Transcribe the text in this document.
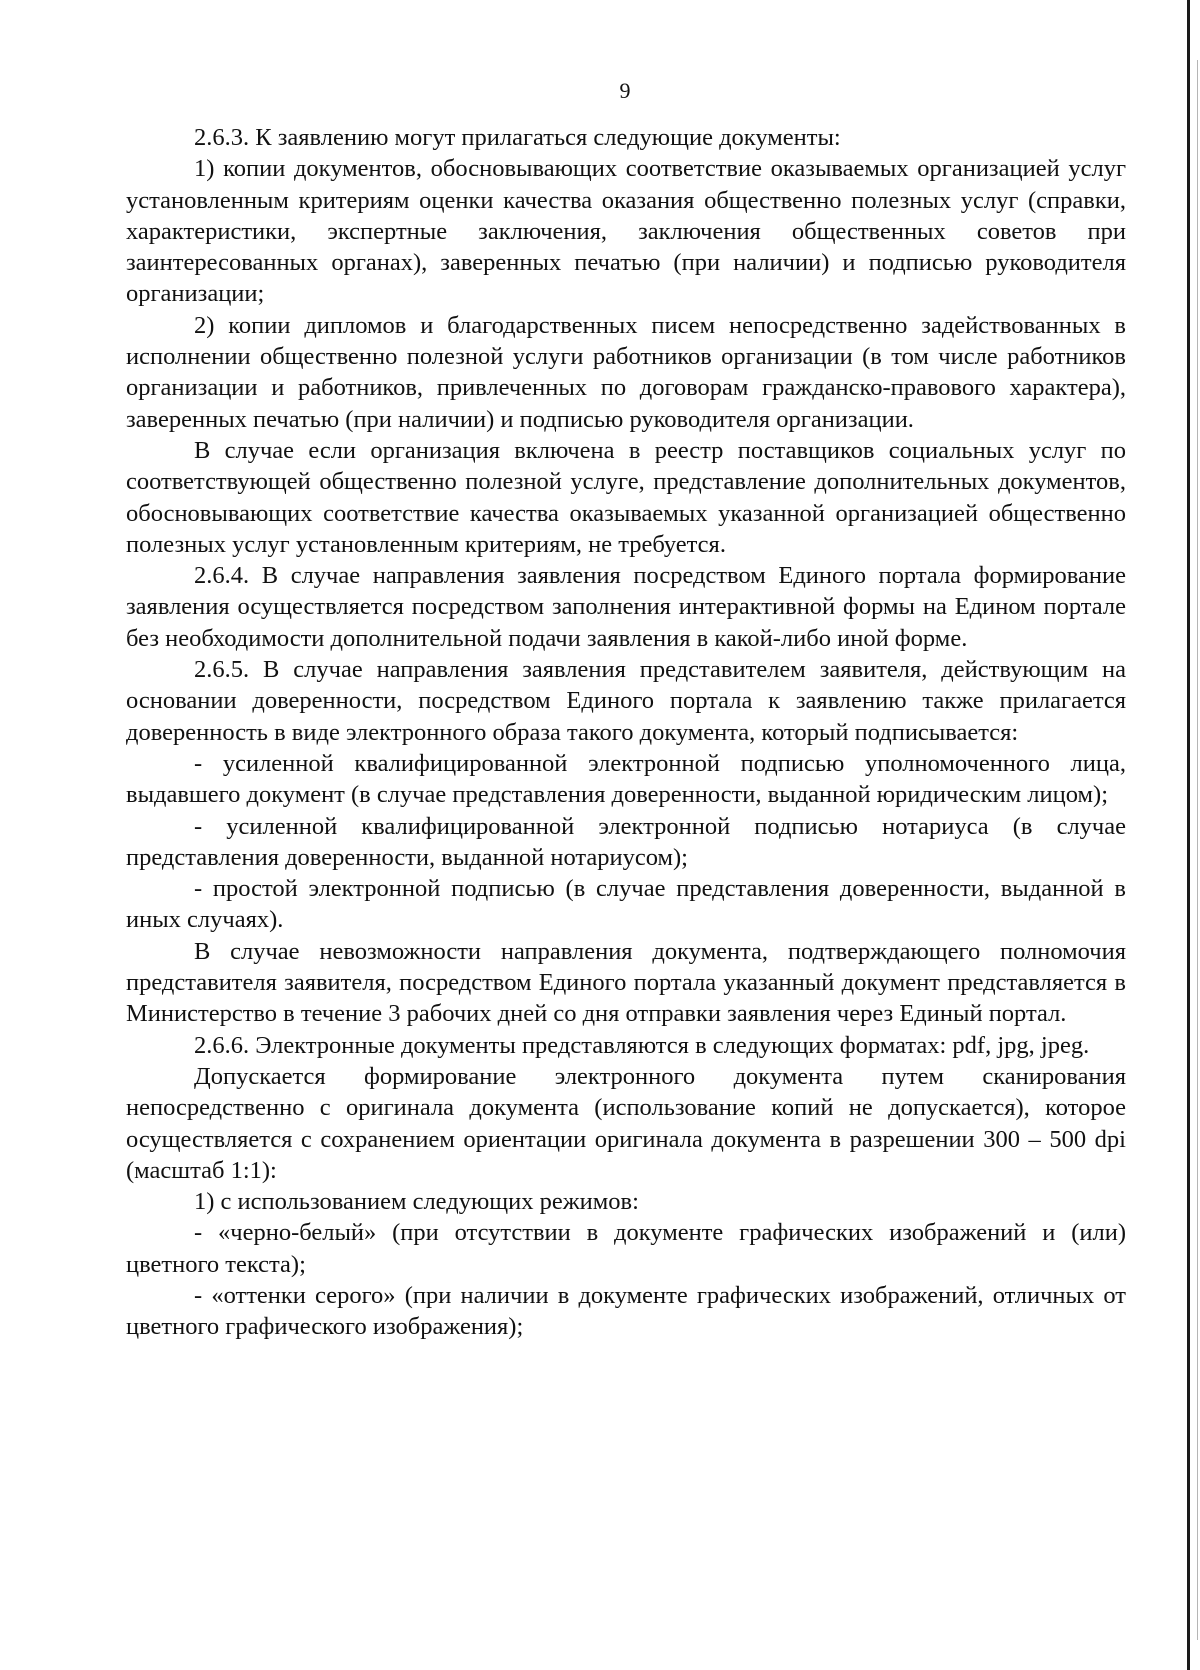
9

2.6.3. К заявлению могут прилагаться следующие документы:

1) копии документов, обосновывающих соответствие оказываемых организацией услуг установленным критериям оценки качества оказания общественно полезных услуг (справки, характеристики, экспертные заключения, заключения общественных советов при заинтересованных органах), заверенных печатью (при наличии) и подписью руководителя организации;

2) копии дипломов и благодарственных писем непосредственно задействованных в исполнении общественно полезной услуги работников организации (в том числе работников организации и работников, привлеченных по договорам гражданско-правового характера), заверенных печатью (при наличии) и подписью руководителя организации.

В случае если организация включена в реестр поставщиков социальных услуг по соответствующей общественно полезной услуге, представление дополнительных документов, обосновывающих соответствие качества оказываемых указанной организацией общественно полезных услуг установленным критериям, не требуется.

2.6.4. В случае направления заявления посредством Единого портала формирование заявления осуществляется посредством заполнения интерактивной формы на Едином портале без необходимости дополнительной подачи заявления в какой-либо иной форме.

2.6.5. В случае направления заявления представителем заявителя, действующим на основании доверенности, посредством Единого портала к заявлению также прилагается доверенность в виде электронного образа такого документа, который подписывается:

- усиленной квалифицированной электронной подписью уполномоченного лица, выдавшего документ (в случае представления доверенности, выданной юридическим лицом);

- усиленной квалифицированной электронной подписью нотариуса (в случае представления доверенности, выданной нотариусом);

- простой электронной подписью (в случае представления доверенности, выданной в иных случаях).

В случае невозможности направления документа, подтверждающего полномочия представителя заявителя, посредством Единого портала указанный документ представляется в Министерство в течение 3 рабочих дней со дня отправки заявления через Единый портал.

2.6.6. Электронные документы представляются в следующих форматах: pdf, jpg, jpeg.

Допускается формирование электронного документа путем сканирования непосредственно с оригинала документа (использование копий не допускается), которое осуществляется с сохранением ориентации оригинала документа в разрешении 300 – 500 dpi (масштаб 1:1):

1) с использованием следующих режимов:

- «черно-белый» (при отсутствии в документе графических изображений и (или) цветного текста);

- «оттенки серого» (при наличии в документе графических изображений, отличных от цветного графического изображения);
